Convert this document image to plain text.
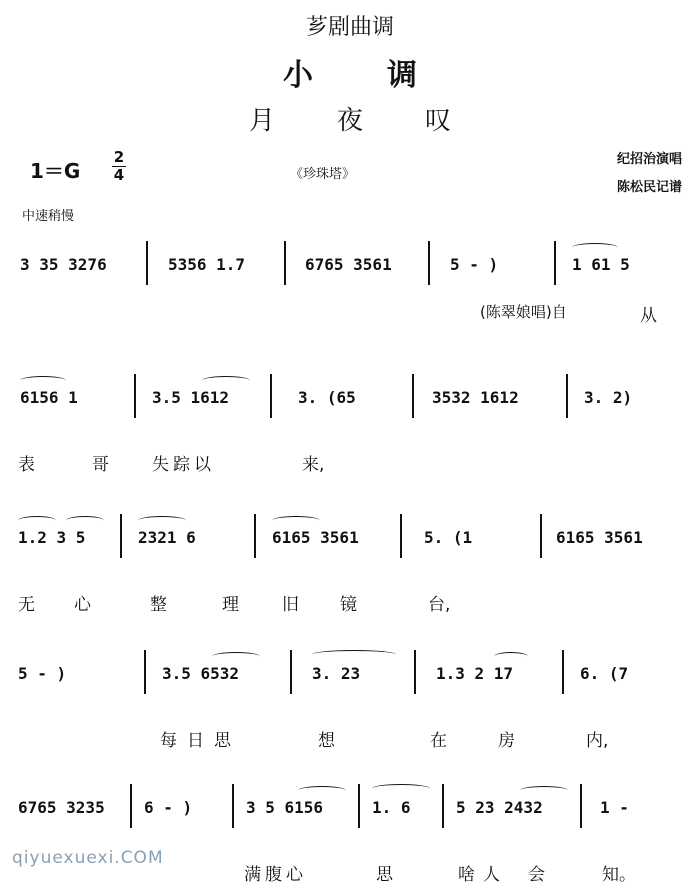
芗剧曲调
小调
月夜叹
1＝G
2
4	《珍珠塔》
纪招治演唱
陈松民记谱
中速稍慢
3 35 3276	5356 1.7	6765 3561	5 - )	1 61 5
(陈翠娘唱)自	从
6156 1	3.5 1612	3. (65	3532 1612	3. 2)
表	哥	失踪以	来,
1.2 3 5	2321 6	6165 3561	5. (1	6165 3561
无 心	整	理	旧 镜	台,
5 - )	3.5 6532	3. 23	1.3 2 17	6. (7
每日思	想	在	房	内,
6765 3235 6 - )	3 5 6156	1. 6	5 23 2432	1 -
满腹心	思	啥人 会	知。
qiyuexuexi.COM
